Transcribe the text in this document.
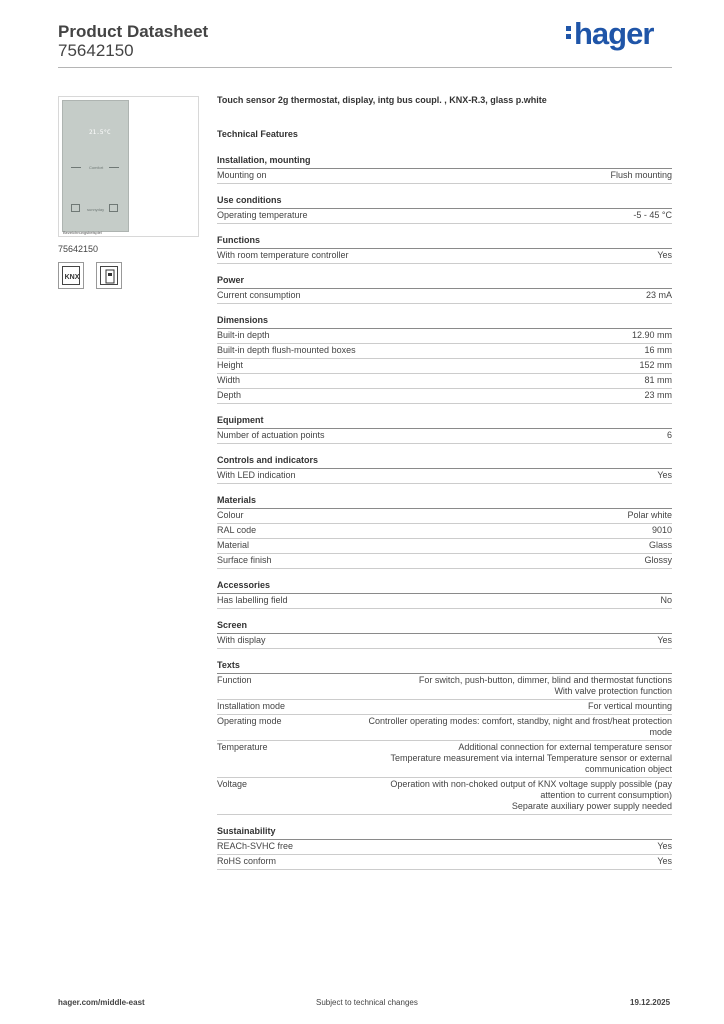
Product Datasheet
75642150	hager
21.5°C
Comfort
sunnyday
Bezeichnungsbeispiel
75642150
KNX
Touch sensor 2g thermostat, display, intg bus coupl. , KNX-R.3, glass p.white
Technical Features
Installation, mounting
Mounting on	Flush mounting
Use conditions
Operating temperature	-5 - 45 °C
Functions
With room temperature controller	Yes
Power
Current consumption	23 mA
Dimensions
Built-in depth	12.90 mm
Built-in depth flush-mounted boxes	16 mm
Height	152 mm
Width	81 mm
Depth	23 mm
Equipment
Number of actuation points	6
Controls and indicators
With LED indication	Yes
Materials
Colour	Polar white
RAL code	9010
Material	Glass
Surface finish	Glossy
Accessories
Has labelling field	No
Screen
With display	Yes
Texts
Function	For switch, push-button, dimmer, blind and thermostat functions
With valve protection function
Installation mode	For vertical mounting
Operating mode	Controller operating modes: comfort, standby, night and frost/heat protection mode
Temperature	Additional connection for external temperature sensor
Temperature measurement via internal Temperature sensor or external communication object
Voltage	Operation with non-choked output of KNX voltage supply possible (pay attention to current consumption)
Separate auxiliary power supply needed
Sustainability
REACh-SVHC free	Yes
RoHS conform	Yes
hager.com/middle-east	Subject to technical changes	19.12.2025
